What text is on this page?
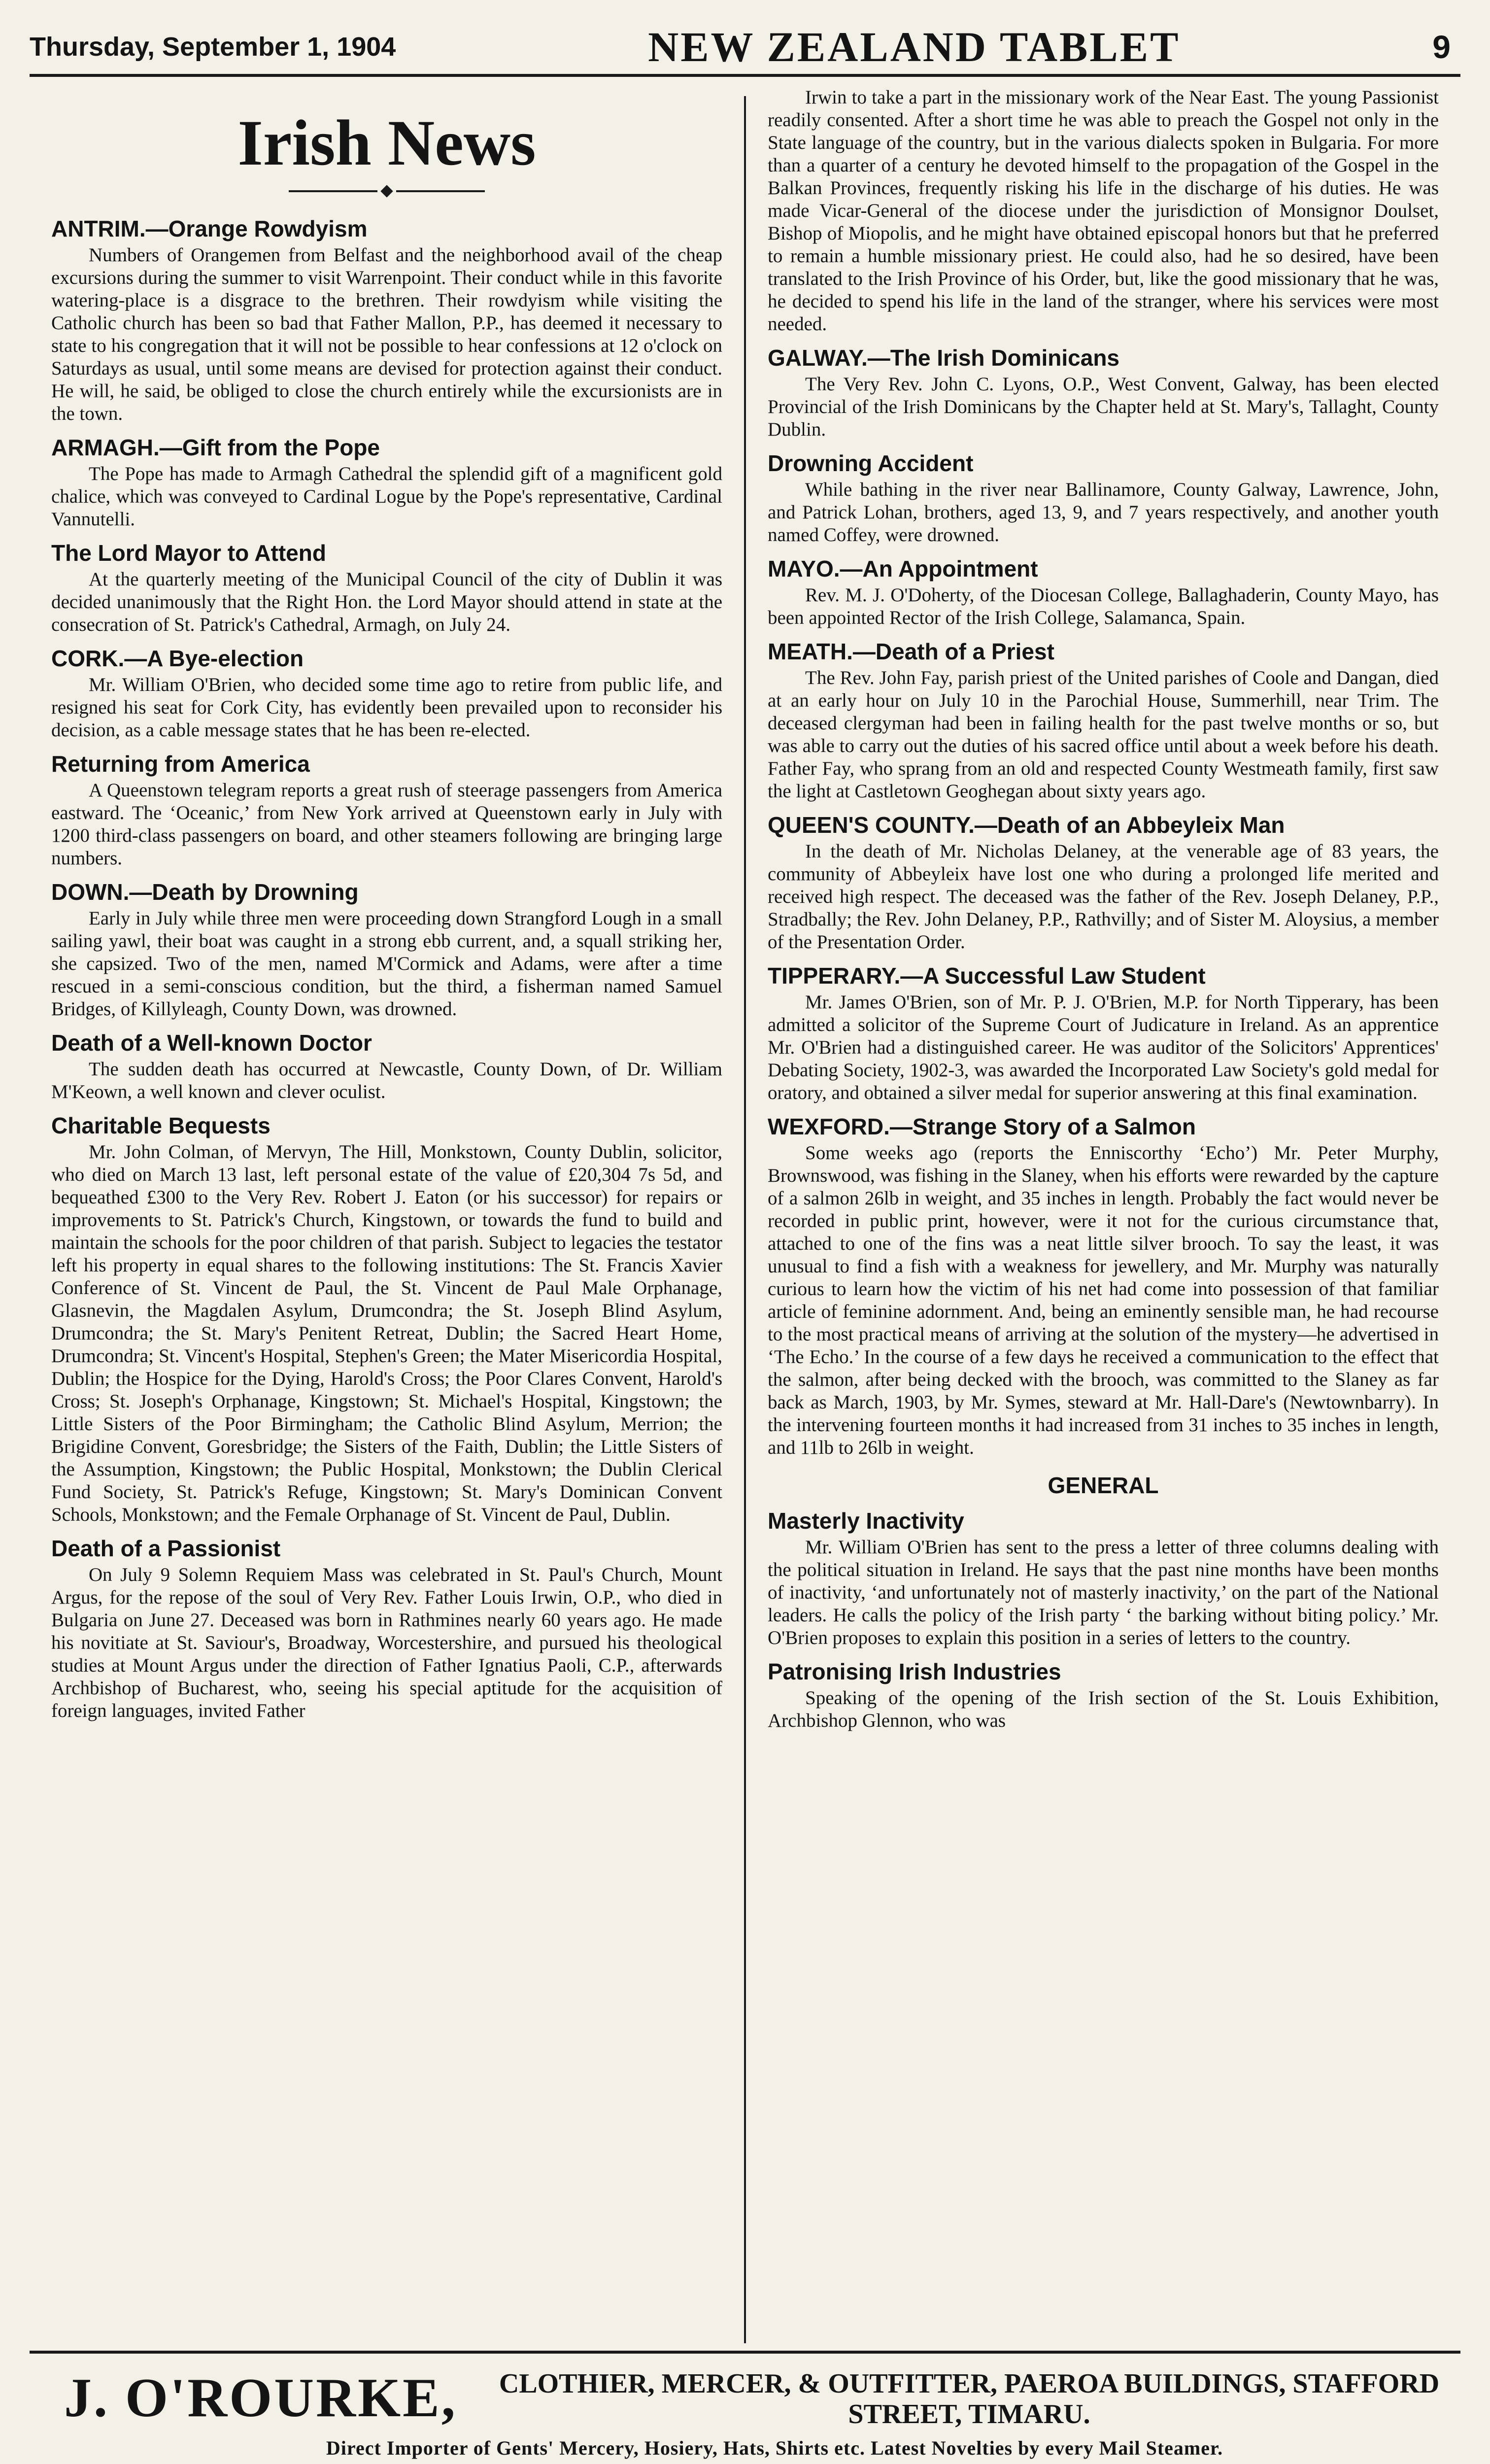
Thursday, September 1, 1904	NEW ZEALAND TABLET	9
Irish News
ANTRIM.—Orange Rowdyism

Numbers of Orangemen from Belfast and the neighborhood avail of the cheap excursions during the summer to visit Warrenpoint. Their conduct while in this favorite watering-place is a disgrace to the brethren. Their rowdyism while visiting the Catholic church has been so bad that Father Mallon, P.P., has deemed it necessary to state to his congregation that it will not be possible to hear confessions at 12 o'clock on Saturdays as usual, until some means are devised for protection against their conduct. He will, he said, be obliged to close the church entirely while the excursionists are in the town.

ARMAGH.—Gift from the Pope

The Pope has made to Armagh Cathedral the splendid gift of a magnificent gold chalice, which was conveyed to Cardinal Logue by the Pope's representative, Cardinal Vannutelli.

The Lord Mayor to Attend

At the quarterly meeting of the Municipal Council of the city of Dublin it was decided unanimously that the Right Hon. the Lord Mayor should attend in state at the consecration of St. Patrick's Cathedral, Armagh, on July 24.

CORK.—A Bye-election

Mr. William O'Brien, who decided some time ago to retire from public life, and resigned his seat for Cork City, has evidently been prevailed upon to reconsider his decision, as a cable message states that he has been re-elected.

Returning from America

A Queenstown telegram reports a great rush of steerage passengers from America eastward. The ‘Oceanic,’ from New York arrived at Queenstown early in July with 1200 third-class passengers on board, and other steamers following are bringing large numbers.

DOWN.—Death by Drowning

Early in July while three men were proceeding down Strangford Lough in a small sailing yawl, their boat was caught in a strong ebb current, and, a squall striking her, she capsized. Two of the men, named M'Cormick and Adams, were after a time rescued in a semi-conscious condition, but the third, a fisherman named Samuel Bridges, of Killyleagh, County Down, was drowned.

Death of a Well-known Doctor

The sudden death has occurred at Newcastle, County Down, of Dr. William M'Keown, a well known and clever oculist.

Charitable Bequests

Mr. John Colman, of Mervyn, The Hill, Monkstown, County Dublin, solicitor, who died on March 13 last, left personal estate of the value of £20,304 7s 5d, and bequeathed £300 to the Very Rev. Robert J. Eaton (or his successor) for repairs or improvements to St. Patrick's Church, Kingstown, or towards the fund to build and maintain the schools for the poor children of that parish. Subject to legacies the testator left his property in equal shares to the following institutions: The St. Francis Xavier Conference of St. Vincent de Paul, the St. Vincent de Paul Male Orphanage, Glasnevin, the Magdalen Asylum, Drumcondra; the St. Joseph Blind Asylum, Drumcondra; the St. Mary's Penitent Retreat, Dublin; the Sacred Heart Home, Drumcondra; St. Vincent's Hospital, Stephen's Green; the Mater Misericordia Hospital, Dublin; the Hospice for the Dying, Harold's Cross; the Poor Clares Convent, Harold's Cross; St. Joseph's Orphanage, Kingstown; St. Michael's Hospital, Kingstown; the Little Sisters of the Poor Birmingham; the Catholic Blind Asylum, Merrion; the Brigidine Convent, Goresbridge; the Sisters of the Faith, Dublin; the Little Sisters of the Assumption, Kingstown; the Public Hospital, Monkstown; the Dublin Clerical Fund Society, St. Patrick's Refuge, Kingstown; St. Mary's Dominican Convent Schools, Monkstown; and the Female Orphanage of St. Vincent de Paul, Dublin.

Death of a Passionist

On July 9 Solemn Requiem Mass was celebrated in St. Paul's Church, Mount Argus, for the repose of the soul of Very Rev. Father Louis Irwin, O.P., who died in Bulgaria on June 27. Deceased was born in Rathmines nearly 60 years ago. He made his novitiate at St. Saviour's, Broadway, Worcestershire, and pursued his theological studies at Mount Argus under the direction of Father Ignatius Paoli, C.P., afterwards Archbishop of Bucharest, who, seeing his special aptitude for the acquisition of foreign languages, invited Father

Irwin to take a part in the missionary work of the Near East. The young Passionist readily consented. After a short time he was able to preach the Gospel not only in the State language of the country, but in the various dialects spoken in Bulgaria. For more than a quarter of a century he devoted himself to the propagation of the Gospel in the Balkan Provinces, frequently risking his life in the discharge of his duties. He was made Vicar-General of the diocese under the jurisdiction of Monsignor Doulset, Bishop of Miopolis, and he might have obtained episcopal honors but that he preferred to remain a humble missionary priest. He could also, had he so desired, have been translated to the Irish Province of his Order, but, like the good missionary that he was, he decided to spend his life in the land of the stranger, where his services were most needed.

GALWAY.—The Irish Dominicans

The Very Rev. John C. Lyons, O.P., West Convent, Galway, has been elected Provincial of the Irish Dominicans by the Chapter held at St. Mary's, Tallaght, County Dublin.

Drowning Accident

While bathing in the river near Ballinamore, County Galway, Lawrence, John, and Patrick Lohan, brothers, aged 13, 9, and 7 years respectively, and another youth named Coffey, were drowned.

MAYO.—An Appointment

Rev. M. J. O'Doherty, of the Diocesan College, Ballaghaderin, County Mayo, has been appointed Rector of the Irish College, Salamanca, Spain.

MEATH.—Death of a Priest

The Rev. John Fay, parish priest of the United parishes of Coole and Dangan, died at an early hour on July 10 in the Parochial House, Summerhill, near Trim. The deceased clergyman had been in failing health for the past twelve months or so, but was able to carry out the duties of his sacred office until about a week before his death. Father Fay, who sprang from an old and respected County Westmeath family, first saw the light at Castletown Geoghegan about sixty years ago.

QUEEN'S COUNTY.—Death of an Abbeyleix Man

In the death of Mr. Nicholas Delaney, at the venerable age of 83 years, the community of Abbeyleix have lost one who during a prolonged life merited and received high respect. The deceased was the father of the Rev. Joseph Delaney, P.P., Stradbally; the Rev. John Delaney, P.P., Rathvilly; and of Sister M. Aloysius, a member of the Presentation Order.

TIPPERARY.—A Successful Law Student

Mr. James O'Brien, son of Mr. P. J. O'Brien, M.P. for North Tipperary, has been admitted a solicitor of the Supreme Court of Judicature in Ireland. As an apprentice Mr. O'Brien had a distinguished career. He was auditor of the Solicitors' Apprentices' Debating Society, 1902-3, was awarded the Incorporated Law Society's gold medal for oratory, and obtained a silver medal for superior answering at this final examination.

WEXFORD.—Strange Story of a Salmon

Some weeks ago (reports the Enniscorthy ‘Echo’) Mr. Peter Murphy, Brownswood, was fishing in the Slaney, when his efforts were rewarded by the capture of a salmon 26lb in weight, and 35 inches in length. Probably the fact would never be recorded in public print, however, were it not for the curious circumstance that, attached to one of the fins was a neat little silver brooch. To say the least, it was unusual to find a fish with a weakness for jewellery, and Mr. Murphy was naturally curious to learn how the victim of his net had come into possession of that familiar article of feminine adornment. And, being an eminently sensible man, he had recourse to the most practical means of arriving at the solution of the mystery—he advertised in ‘The Echo.’ In the course of a few days he received a communication to the effect that the salmon, after being decked with the brooch, was committed to the Slaney as far back as March, 1903, by Mr. Symes, steward at Mr. Hall-Dare's (Newtownbarry). In the intervening fourteen months it had increased from 31 inches to 35 inches in length, and 11lb to 26lb in weight.

GENERAL
Masterly Inactivity

Mr. William O'Brien has sent to the press a letter of three columns dealing with the political situation in Ireland. He says that the past nine months have been months of inactivity, ‘and unfortunately not of masterly inactivity,’ on the part of the National leaders. He calls the policy of the Irish party ‘ the barking without biting policy.’ Mr. O'Brien proposes to explain this position in a series of letters to the country.

Patronising Irish Industries

Speaking of the opening of the Irish section of the St. Louis Exhibition, Archbishop Glennon, who was

J. O'ROURKE,	CLOTHIER, MERCER, & OUTFITTER, PAEROA BUILDINGS, STAFFORD STREET, TIMARU.
Direct Importer of Gents' Mercery, Hosiery, Hats, Shirts etc. Latest Novelties by every Mail Steamer.
